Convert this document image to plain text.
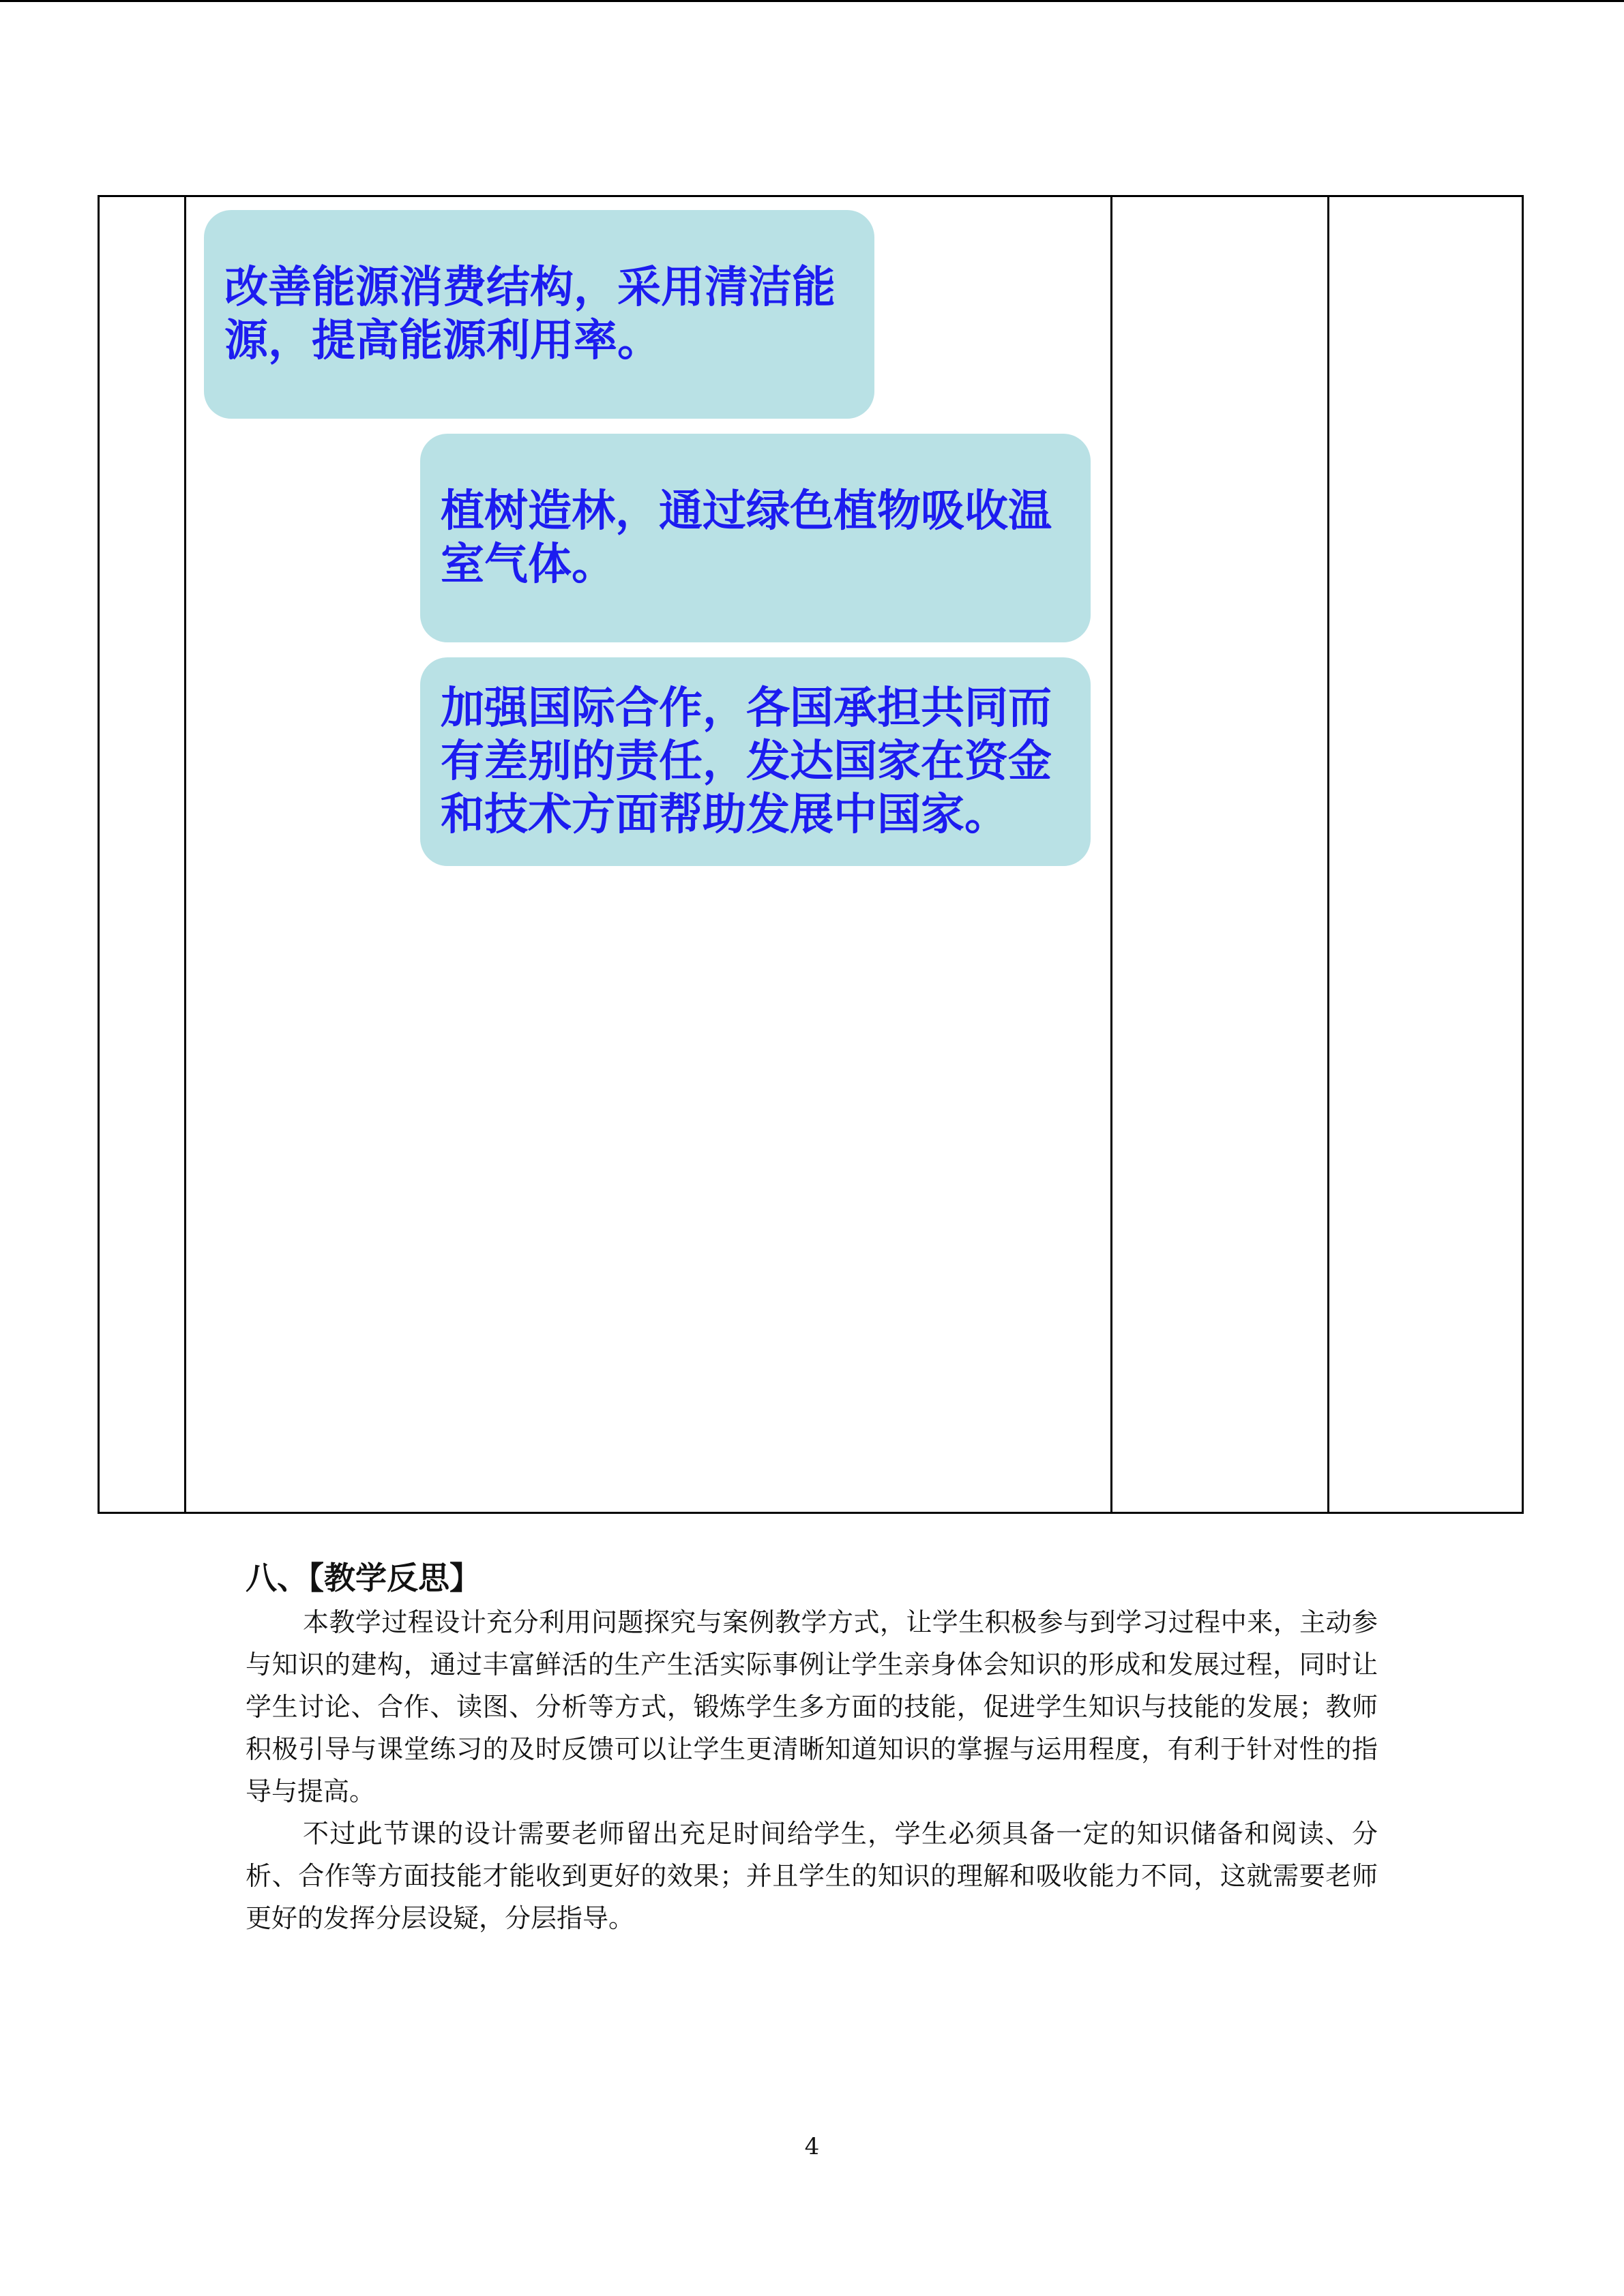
改善能源消费结构，采用清洁能源，提高能源利用率。
植树造林，通过绿色植物吸收温室气体。
加强国际合作，各国承担共同而有差别的责任，发达国家在资金和技术方面帮助发展中国家。
八、【教学反思】

本教学过程设计充分利用问题探究与案例教学方式，让学生积极参与到学习过程中来，主动参与知识的建构，通过丰富鲜活的生产生活实际事例让学生亲身体会知识的形成和发展过程，同时让学生讨论、合作、读图、分析等方式，锻炼学生多方面的技能，促进学生知识与技能的发展；教师积极引导与课堂练习的及时反馈可以让学生更清晰知道知识的掌握与运用程度，有利于针对性的指导与提高。

不过此节课的设计需要老师留出充足时间给学生，学生必须具备一定的知识储备和阅读、分析、合作等方面技能才能收到更好的效果；并且学生的知识的理解和吸收能力不同，这就需要老师更好的发挥分层设疑，分层指导。

4
